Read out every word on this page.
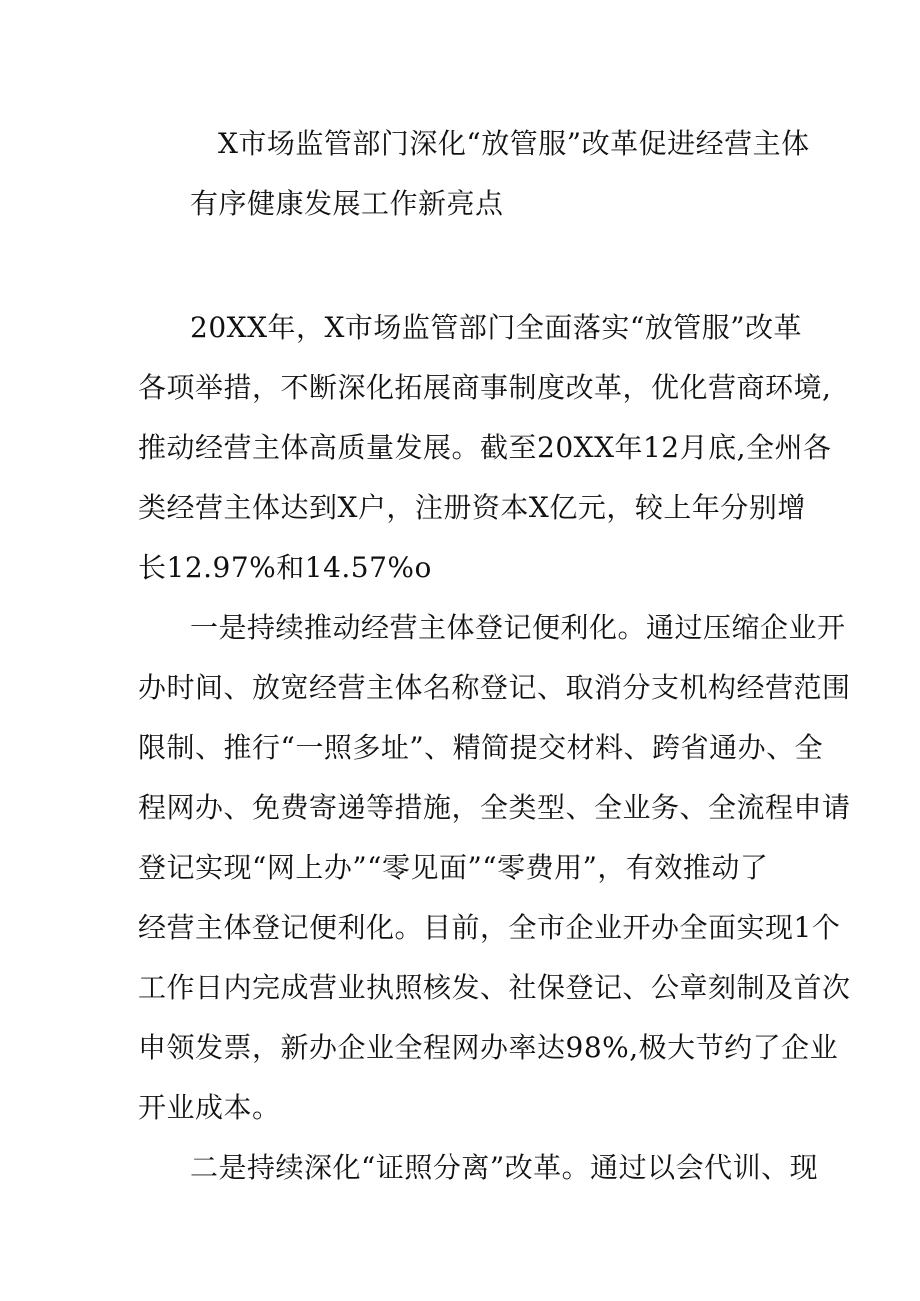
X市场监管部门深化“放管服”改革促进经营主体
有序健康发展工作新亮点
20XX年，X市场监管部门全面落实“放管服”改革
各项举措，不断深化拓展商事制度改革，优化营商环境,
推动经营主体高质量发展。截至20XX年12月底,全州各
类经营主体达到X户，注册资本X亿元，较上年分别增
长12.97%和14.57%o
一是持续推动经营主体登记便利化。通过压缩企业开
办时间、放宽经营主体名称登记、取消分支机构经营范围
限制、推行“一照多址”、精简提交材料、跨省通办、全
程网办、免费寄递等措施，全类型、全业务、全流程申请
登记实现“网上办”“零见面”“零费用”，有效推动了
经营主体登记便利化。目前，全市企业开办全面实现1个
工作日内完成营业执照核发、社保登记、公章刻制及首次
申领发票，新办企业全程网办率达98%,极大节约了企业
开业成本。
二是持续深化“证照分离”改革。通过以会代训、现
